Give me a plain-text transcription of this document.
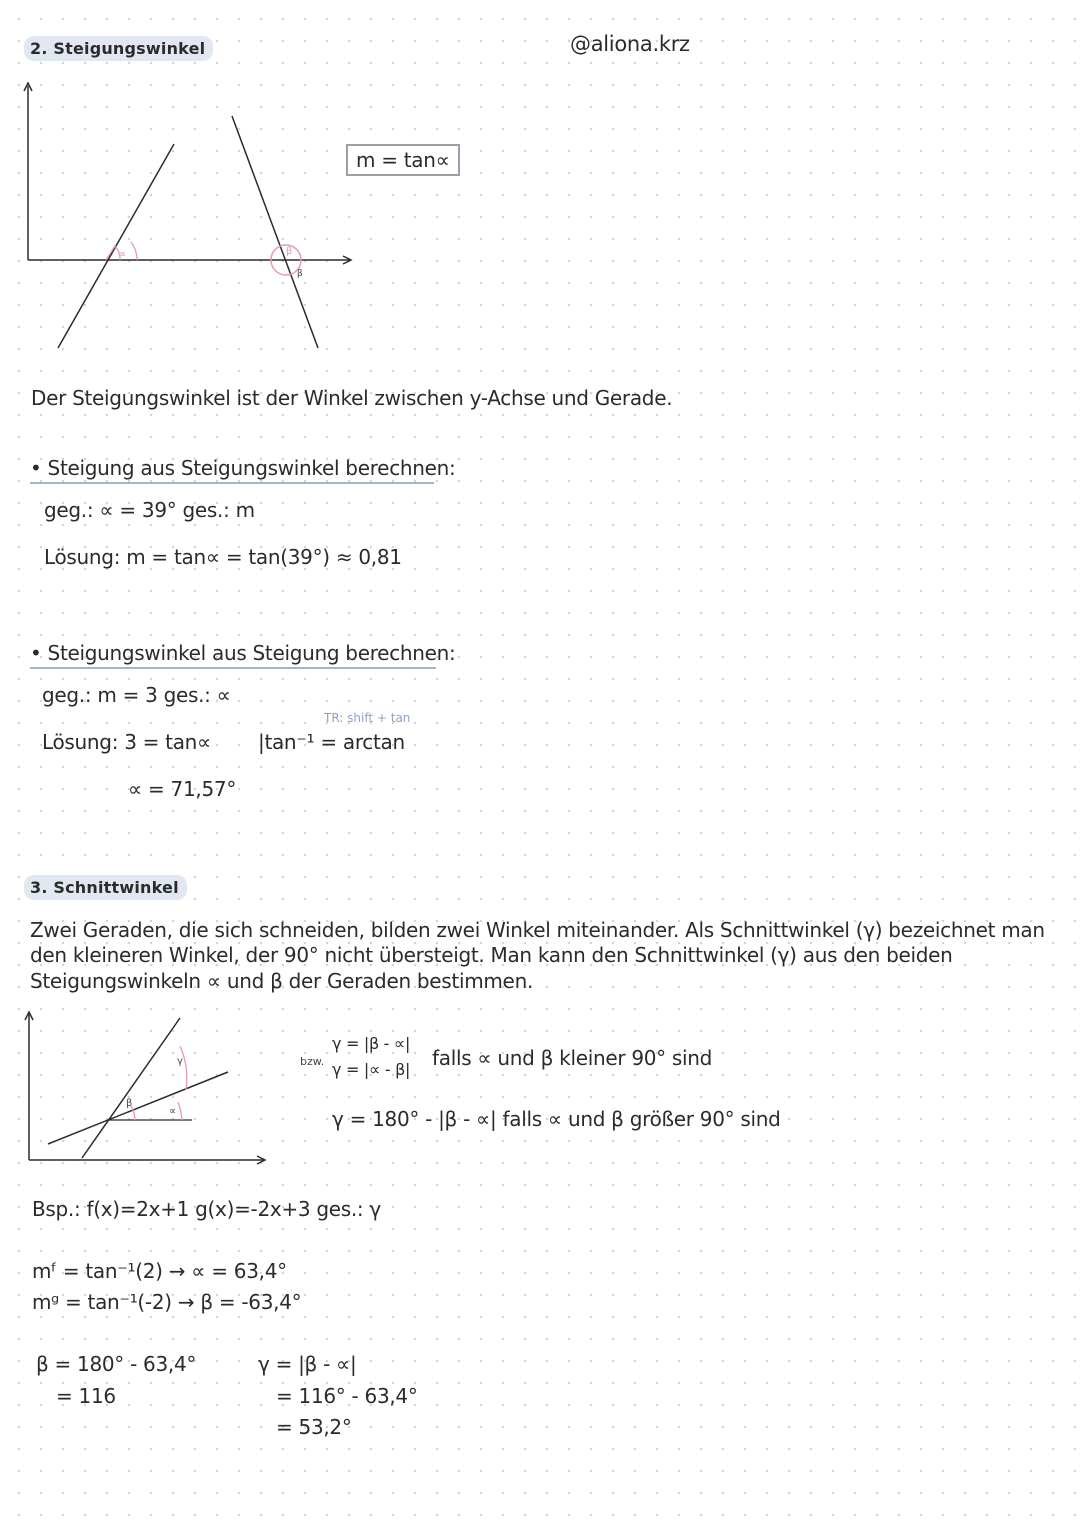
@aliona.krz
2. Steigungswinkel
∝	β
β
m = tan∝
Der Steigungswinkel ist der Winkel zwischen y-Achse und Gerade.
• Steigung aus Steigungswinkel berechnen:
geg.: ∝ = 39° ges.: m
Lösung: m = tan∝ = tan(39°) ≈ 0,81
• Steigungswinkel aus Steigung berechnen:
geg.: m = 3 ges.: ∝
TR: shift + tan
Lösung: 3 = tan∝ |tan⁻¹ = arctan
∝ = 71,57°
3. Schnittwinkel
Zwei Geraden, die sich schneiden, bilden zwei Winkel miteinander. Als Schnittwinkel (γ) bezeichnet man
den kleineren Winkel, der 90° nicht übersteigt. Man kann den Schnittwinkel (γ) aus den beiden
Steigungswinkeln ∝ und β der Geraden bestimmen.
γ
β
∝
bzw.
γ = |β - ∝|
γ = |∝ - β| falls ∝ und β kleiner 90° sind
γ = 180° - |β - ∝| falls ∝ und β größer 90° sind
Bsp.: f(x)=2x+1 g(x)=-2x+3 ges.: γ
mᶠ = tan⁻¹(2) → ∝ = 63,4°
mᵍ = tan⁻¹(-2) → β = -63,4°
β = 180° - 63,4°
= 116
γ = |β - ∝|
= 116° - 63,4°
= 53,2°
